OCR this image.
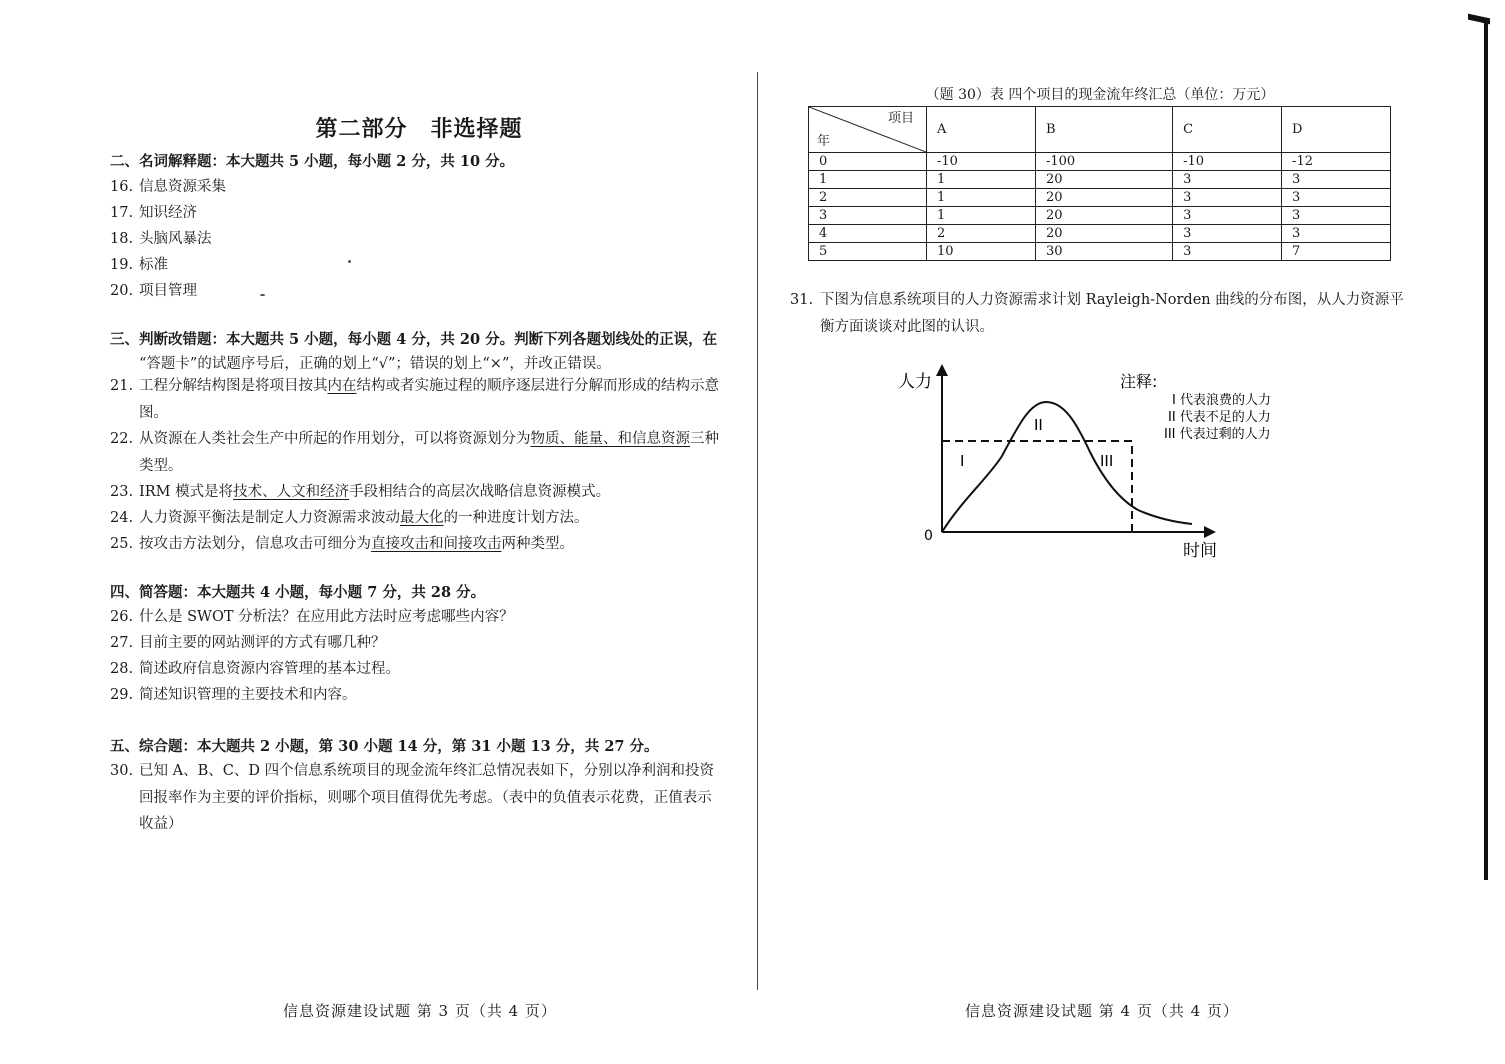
第二部分　非选择题
二、名词解释题：本大题共 5 小题，每小题 2 分，共 10 分。
16. 信息资源采集
17. 知识经济
18. 头脑风暴法
19. 标准
20. 项目管理
三、判断改错题：本大题共 5 小题，每小题 4 分，共 20 分。判断下列各题划线处的正误，在
“答题卡”的试题序号后，正确的划上“√”；错误的划上“×”，并改正错误。
21. 工程分解结构图是将项目按其内在结构或者实施过程的顺序逐层进行分解而形成的结构示意图。
22. 从资源在人类社会生产中所起的作用划分，可以将资源划分为物质、能量、和信息资源三种类型。
23. IRM 模式是将技术、人文和经济手段相结合的高层次战略信息资源模式。
24. 人力资源平衡法是制定人力资源需求波动最大化的一种进度计划方法。
25. 按攻击方法划分，信息攻击可细分为直接攻击和间接攻击两种类型。
四、简答题：本大题共 4 小题，每小题 7 分，共 28 分。
26. 什么是 SWOT 分析法？在应用此方法时应考虑哪些内容？
27. 目前主要的网站测评的方式有哪几种？
28. 简述政府信息资源内容管理的基本过程。
29. 简述知识管理的主要技术和内容。
五、综合题：本大题共 2 小题，第 30 小题 14 分，第 31 小题 13 分，共 27 分。
30. 已知 A、B、C、D 四个信息系统项目的现金流年终汇总情况表如下，分别以净利润和投资回报率作为主要的评价指标，则哪个项目值得优先考虑。（表中的负值表示花费，正值表示收益）
信息资源建设试题 第 3 页（共 4 页）
（题 30）表 四个项目的现金流年终汇总（单位：万元）
项目
年	A	B	C	D
0	-10	-100	-10	-12
1	1	20	3	3
2	1	20	3	3
3	1	20	3	3
4	2	20	3	3
5	10	30	3	7
31. 下图为信息系统项目的人力资源需求计划 Rayleigh-Norden 曲线的分布图，从人力资源平衡方面谈谈对此图的认识。
人力
时间
0
I
II
III
注释:
I 代表浪费的人力
II 代表不足的人力
III 代表过剩的人力
信息资源建设试题 第 4 页（共 4 页）
